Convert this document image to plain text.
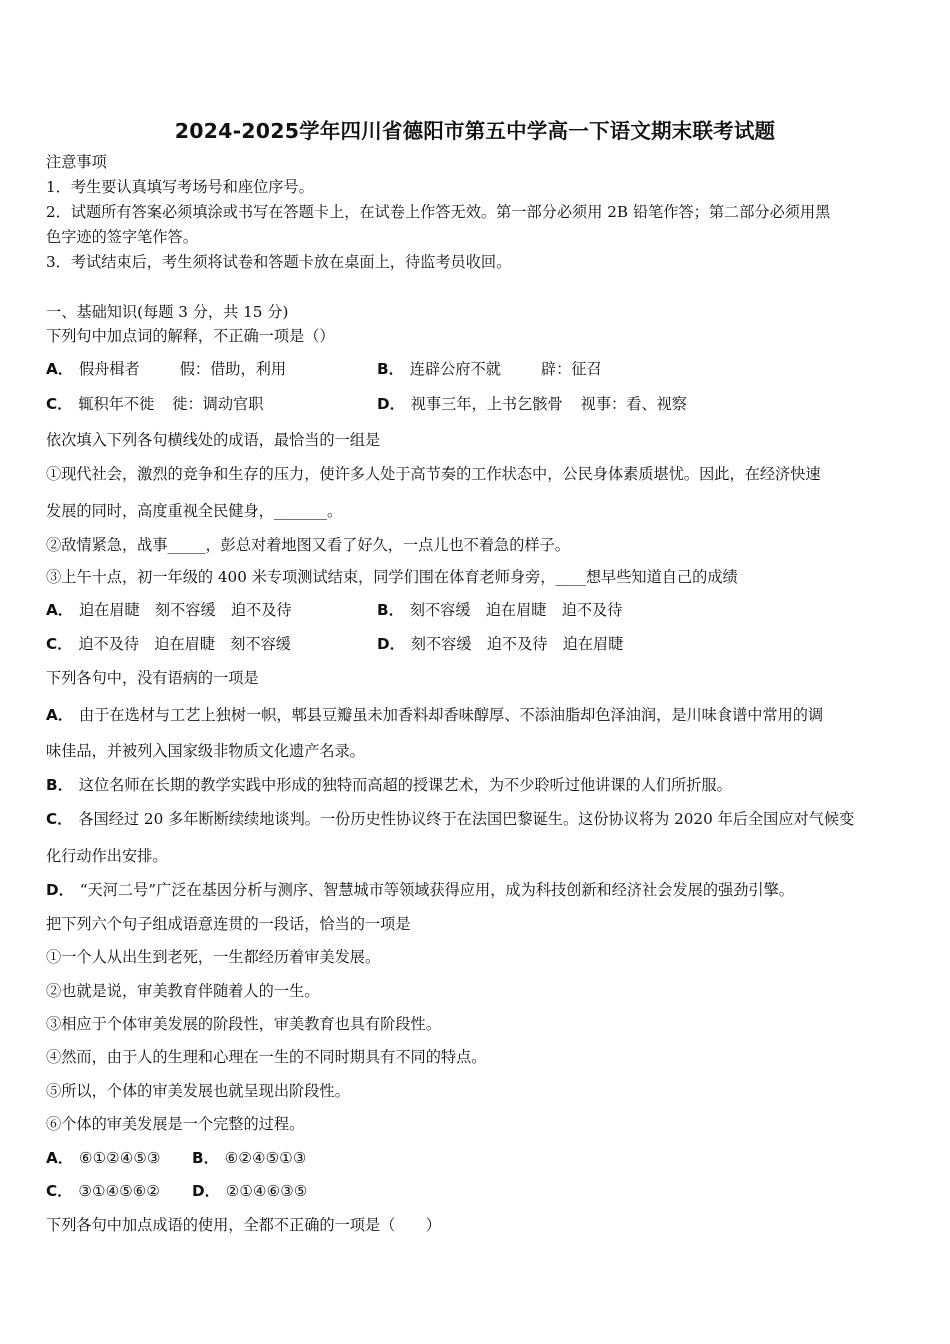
2024-2025学年四川省德阳市第五中学高一下语文期末联考试题
注意事项
1．考生要认真填写考场号和座位序号。
2．试题所有答案必须填涂或书写在答题卡上，在试卷上作答无效。第一部分必须用 2B 铅笔作答；第二部分必须用黑
色字迹的签字笔作答。
3．考试结束后，考生须将试卷和答题卡放在桌面上，待监考员收回。
一、基础知识(每题 3 分，共 15 分)
下列句中加点词的解释，不正确一项是（）
A． 假舟楫者	假：借助，利用	B． 连辟公府不就	辟：征召
C． 辄积年不徙 徙：调动官职	D． 视事三年，上书乞骸骨 视事：看、视察
依次填入下列各句横线处的成语，最恰当的一组是
①现代社会，激烈的竞争和生存的压力，使许多人处于高节奏的工作状态中，公民身体素质堪忧。因此，在经济快速
发展的同时，高度重视全民健身，_______。
②敌情紧急，战事_____，彭总对着地图又看了好久，一点儿也不着急的样子。
③上午十点，初一年级的 400 米专项测试结束，同学们围在体育老师身旁，____想早些知道自己的成绩
A． 迫在眉睫　刻不容缓　迫不及待	B． 刻不容缓　迫在眉睫　迫不及待
C． 迫不及待　迫在眉睫　刻不容缓	D． 刻不容缓　迫不及待　迫在眉睫
下列各句中，没有语病的一项是
A． 由于在选材与工艺上独树一帜，郫县豆瓣虽未加香料却香味醇厚、不添油脂却色泽油润，是川味食谱中常用的调
味佳品，并被列入国家级非物质文化遗产名录。
B． 这位名师在长期的教学实践中形成的独特而高超的授课艺术，为不少聆听过他讲课的人们所折服。
C． 各国经过 20 多年断断续续地谈判。一份历史性协议终于在法国巴黎诞生。这份协议将为 2020 年后全国应对气候变
化行动作出安排。
D． “天河二号”广泛在基因分析与测序、智慧城市等领域获得应用，成为科技创新和经济社会发展的强劲引擎。
把下列六个句子组成语意连贯的一段话，恰当的一项是
①一个人从出生到老死，一生都经历着审美发展。
②也就是说，审美教育伴随着人的一生。
③相应于个体审美发展的阶段性，审美教育也具有阶段性。
④然而，由于人的生理和心理在一生的不同时期具有不同的特点。
⑤所以，个体的审美发展也就呈现出阶段性。
⑥个体的审美发展是一个完整的过程。
A． ⑥①②④⑤③ B． ⑥②④⑤①③
C． ③①④⑤⑥② D． ②①④⑥③⑤
下列各句中加点成语的使用，全都不正确的一项是（　　）
